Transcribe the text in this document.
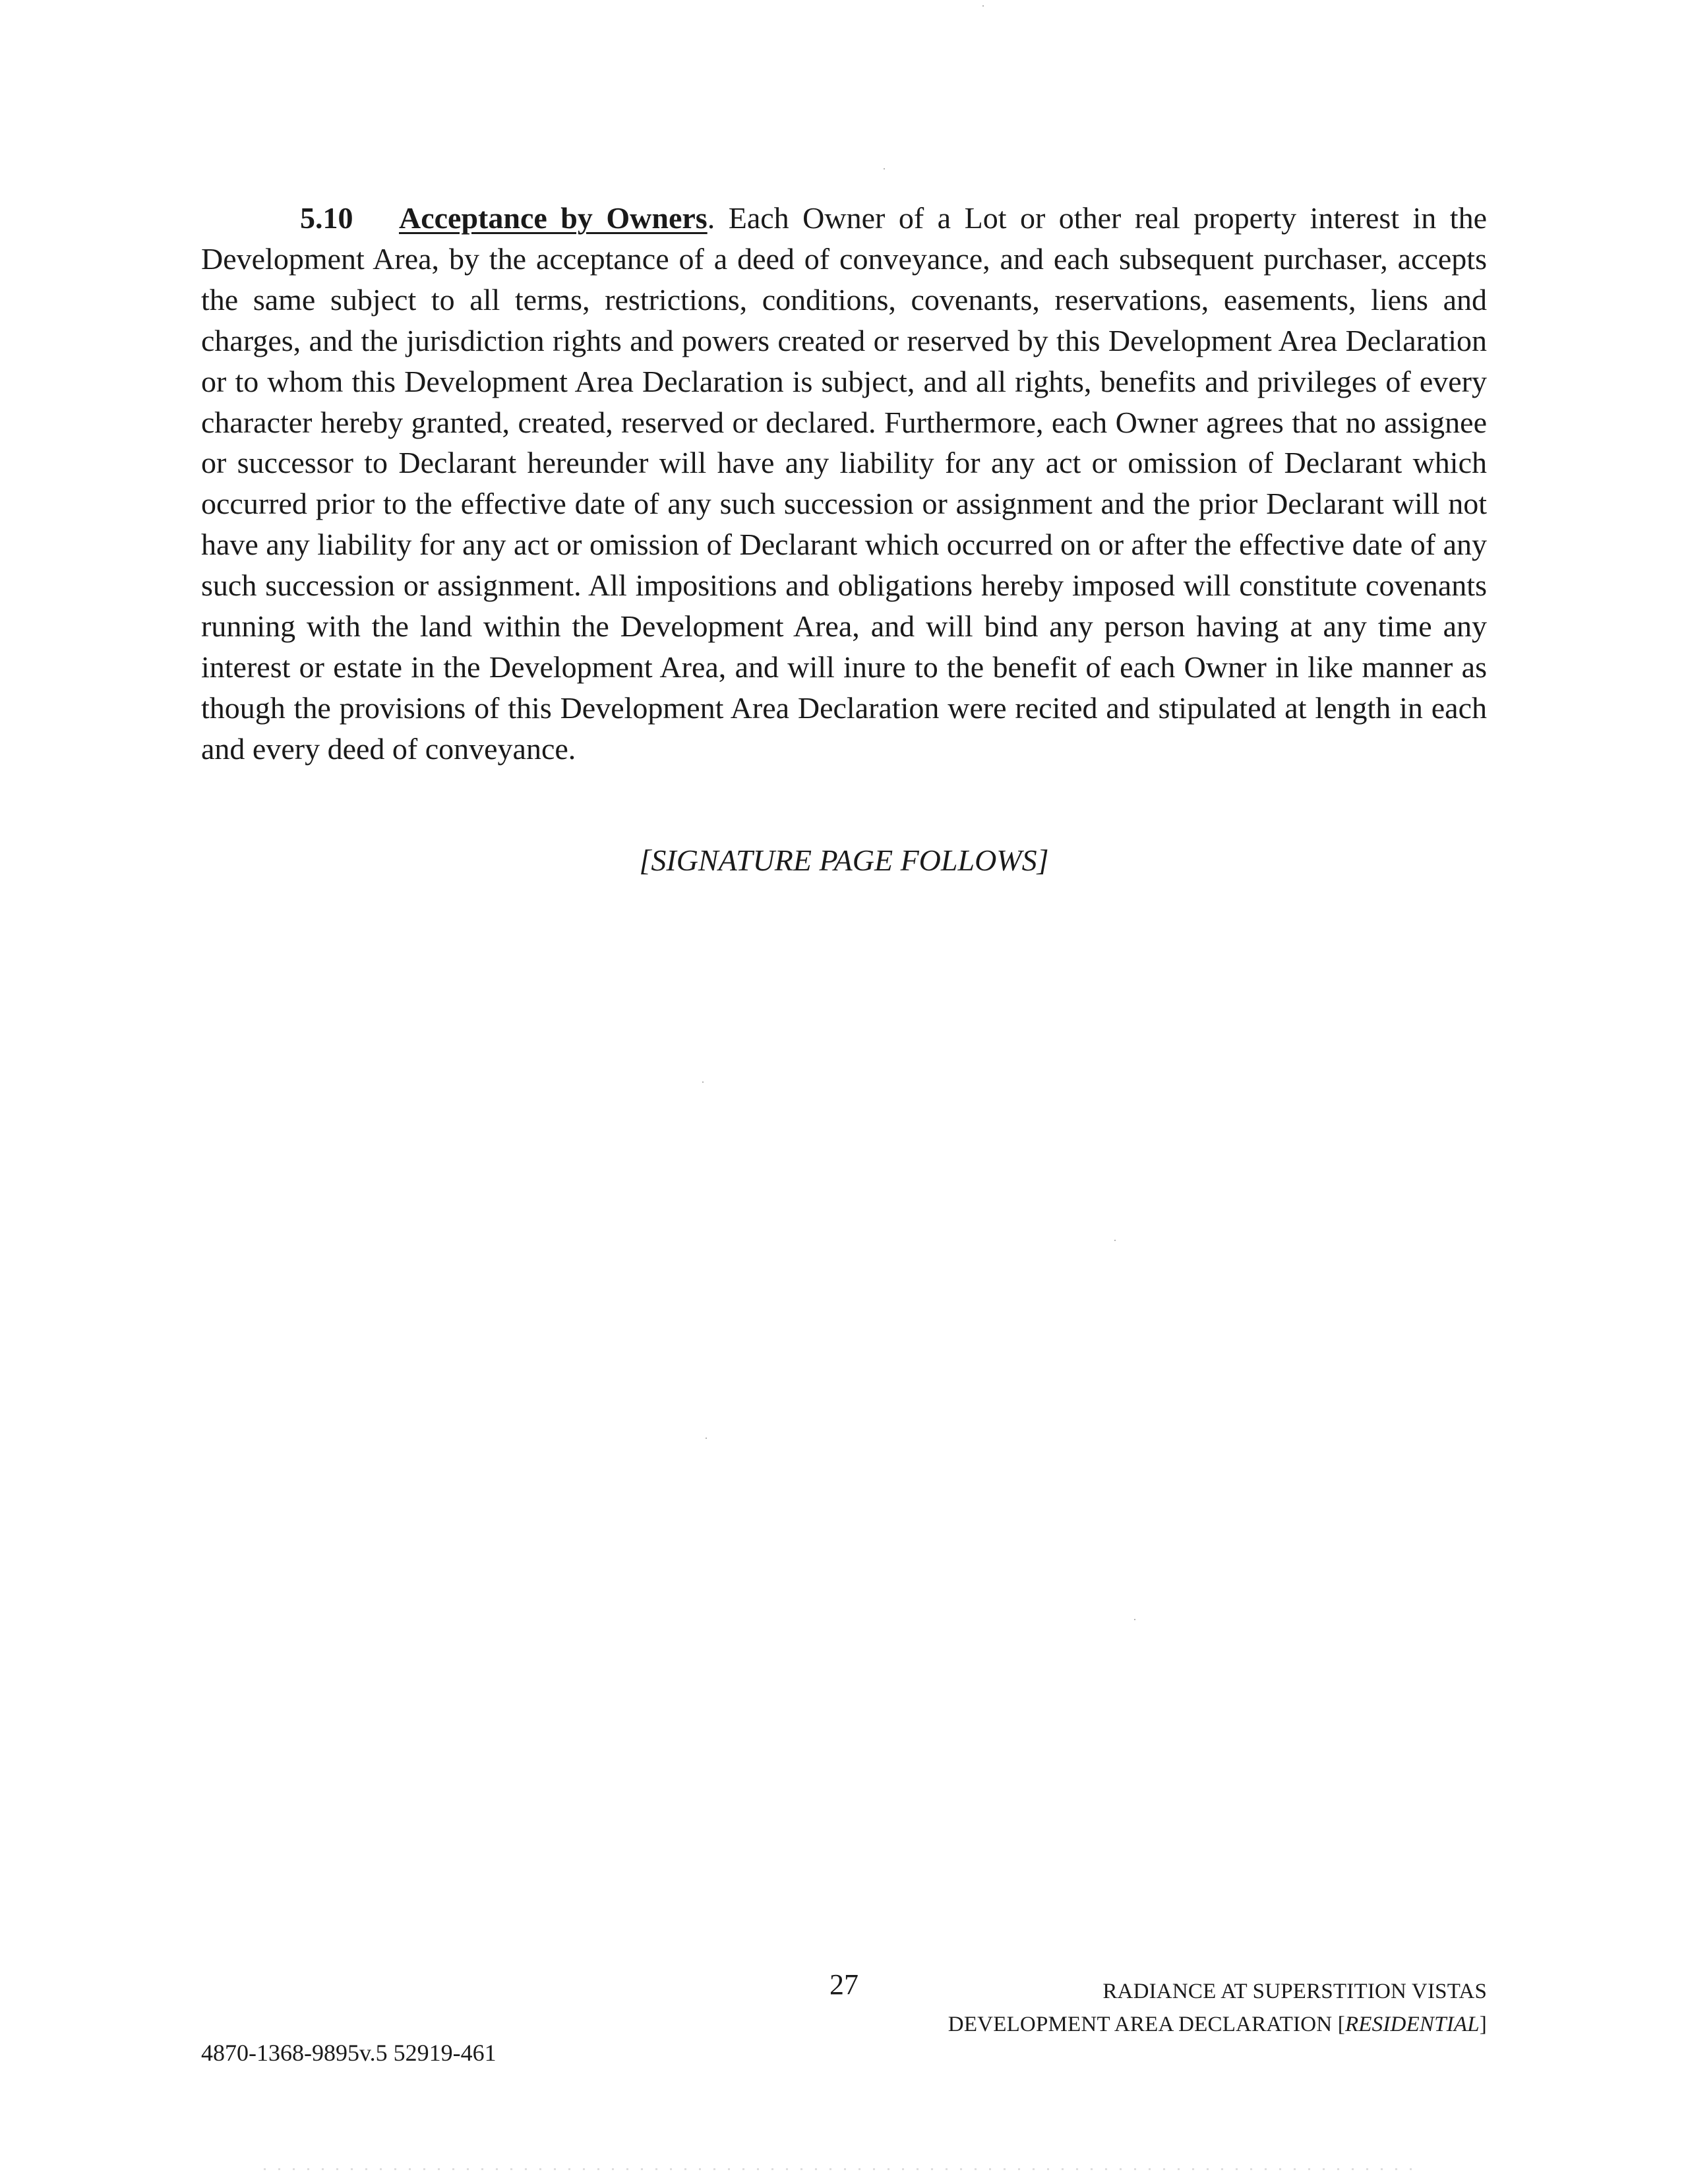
5.10 Acceptance by Owners. Each Owner of a Lot or other real property interest in the Development Area, by the acceptance of a deed of conveyance, and each subsequent purchaser, accepts the same subject to all terms, restrictions, conditions, covenants, reservations, easements, liens and charges, and the jurisdiction rights and powers created or reserved by this Development Area Declaration or to whom this Development Area Declaration is subject, and all rights, benefits and privileges of every character hereby granted, created, reserved or declared. Furthermore, each Owner agrees that no assignee or successor to Declarant hereunder will have any liability for any act or omission of Declarant which occurred prior to the effective date of any such succession or assignment and the prior Declarant will not have any liability for any act or omission of Declarant which occurred on or after the effective date of any such succession or assignment. All impositions and obligations hereby imposed will constitute covenants running with the land within the Development Area, and will bind any person having at any time any interest or estate in the Development Area, and will inure to the benefit of each Owner in like manner as though the provisions of this Development Area Declaration were recited and stipulated at length in each and every deed of conveyance.

[SIGNATURE PAGE FOLLOWS]
27	RADIANCE AT SUPERSTITION VISTAS
DEVELOPMENT AREA DECLARATION [RESIDENTIAL]
4870-1368-9895v.5 52919-461
